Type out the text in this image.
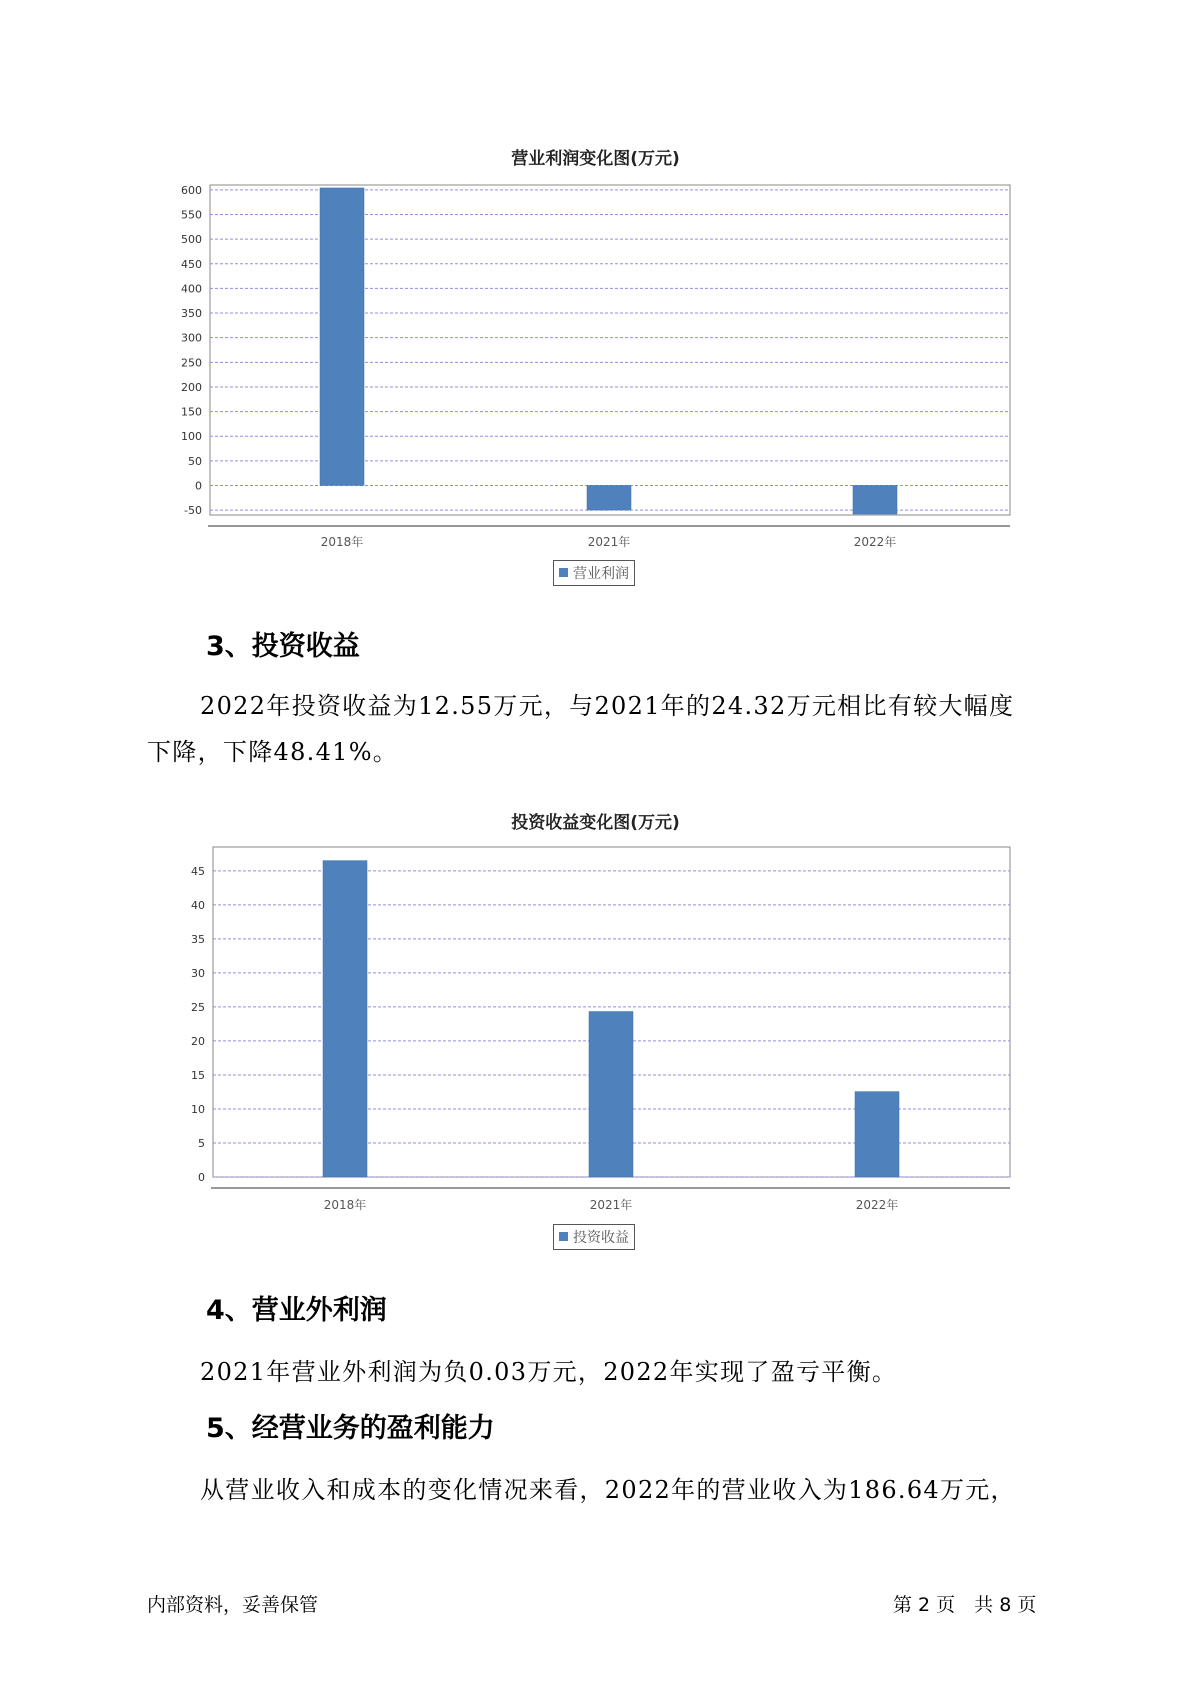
营业利润变化图(万元)
600
550
500
450
400
350
300
250
200
150
100
50
0
-50
2018年	2021年	2022年
营业利润
3、投资收益

2022年投资收益为12.55万元，与2021年的24.32万元相比有较大幅度

下降，下降48.41%。

投资收益变化图(万元)
45
40
35
30
25
20
15
10
5
0
2018年	2021年	2022年
投资收益
4、营业外利润

2021年营业外利润为负0.03万元，2022年实现了盈亏平衡。

5、经营业务的盈利能力

从营业收入和成本的变化情况来看，2022年的营业收入为186.64万元，

内部资料，妥善保管	第 2 页　共 8 页
